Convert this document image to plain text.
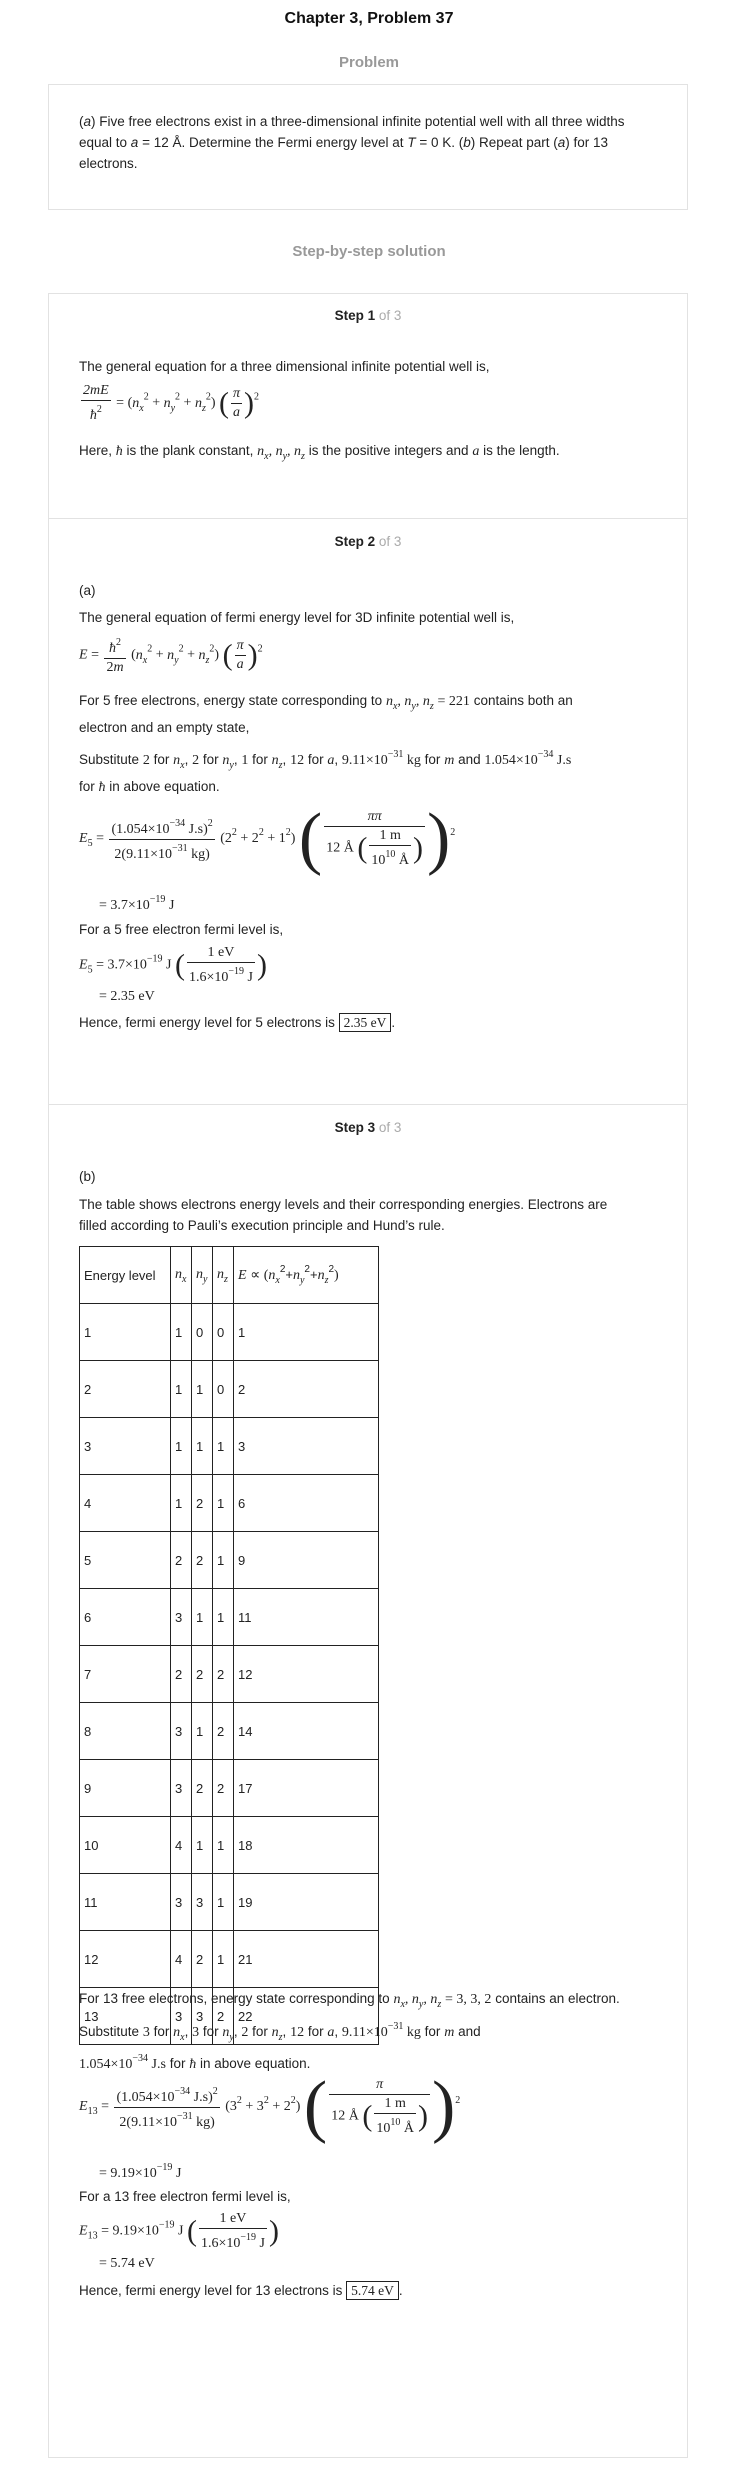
Chapter 3, Problem 37
Problem
(a) Five free electrons exist in a three-dimensional infinite potential well with all three widths
equal to a = 12 Å. Determine the Fermi energy level at T = 0 K. (b) Repeat part (a) for 13
electrons.
Step-by-step solution
Step 1 of 3
The general equation for a three dimensional infinite potential well is,
$\frac{2mE}{ħ^2} = (n_x^2 + n_y^2 + n_z^2)$ ( $\frac{\pi}{a} )^2$
Here, ħ is the plank constant, $n_x$, $n_y$, $n_z$ is the positive integers and a is the length.
Step 2 of 3
(a)
The general equation of fermi energy level for 3D infinite potential well is,
$E = \frac{ħ^2}{2m} (n_x^2 + n_y^2 + n_z^2)$ ( $\frac{\pi}{a} )^2$
For 5 free electrons, energy state corresponding to $n_x$, $n_y$, $n_z = 221$ contains both an
electron and an empty state,
Substitute 2 for $n_x$, 2 for $n_y$, 1 for $n_z$, 12 for a, $9.11\times 10^{-31}$ kg for m and $1.054\times 10^{-34}$ J.s
for ħ in above equation.
$E_5 = \frac{(1.054\times 10^{-34} J.s)^2}{2(9.11\times 10^{-31} kg)} (2^2 + 2^2 + 1^2)$ ( $\frac{\pi\pi}{12 Å ( \frac{1 m}{10^{10} Å} )} )^2$
= $3.7\times 10^{-19}$ J
For a 5 free electron fermi level is,
$E_5 = 3.7\times 10^{-19}$ J ( $\frac{1 eV}{1.6\times 10^{-19} J}$ )
= 2.35 eV
Hence, fermi energy level for 5 electrons is 2.35 eV .
Step 3 of 3
(b)
The table shows electrons energy levels and their corresponding energies. Electrons are
filled according to Pauli’s execution principle and Hund’s rule.
Energy level	$n_x$	$n_y$	$n_z$	$E \propto (n_x^2+n_y^2+n_z^2)$
1	1	0	0	1
2	1	1	0	2
3	1	1	1	3
4	1	2	1	6
5	2	2	1	9
6	3	1	1	11
7	2	2	2	12
8	3	1	2	14
9	3	2	2	17
10	4	1	1	18
11	3	3	1	19
12	4	2	1	21
13	3	3	2	22
For 13 free electrons, energy state corresponding to $n_x$, $n_y$, $n_z = 3$, 3, 2 contains an electron.
Substitute 3 for $n_x$, 3 for $n_y$, 2 for $n_z$, 12 for a, $9.11\times 10^{-31}$ kg for m and
$1.054\times 10^{-34}$ J.s for ħ in above equation.
$E_{13} = \frac{(1.054\times 10^{-34} J.s)^2}{2(9.11\times 10^{-31} kg)} (3^2 + 3^2 + 2^2)$ ( $\frac{\pi}{12 Å ( \frac{1 m}{10^{10} Å} )} )^2$
= $9.19\times 10^{-19}$ J
For a 13 free electron fermi level is,
$E_{13} = 9.19\times 10^{-19}$ J ( $\frac{1 eV}{1.6\times 10^{-19} J}$ )
= 5.74 eV
Hence, fermi energy level for 13 electrons is 5.74 eV .
